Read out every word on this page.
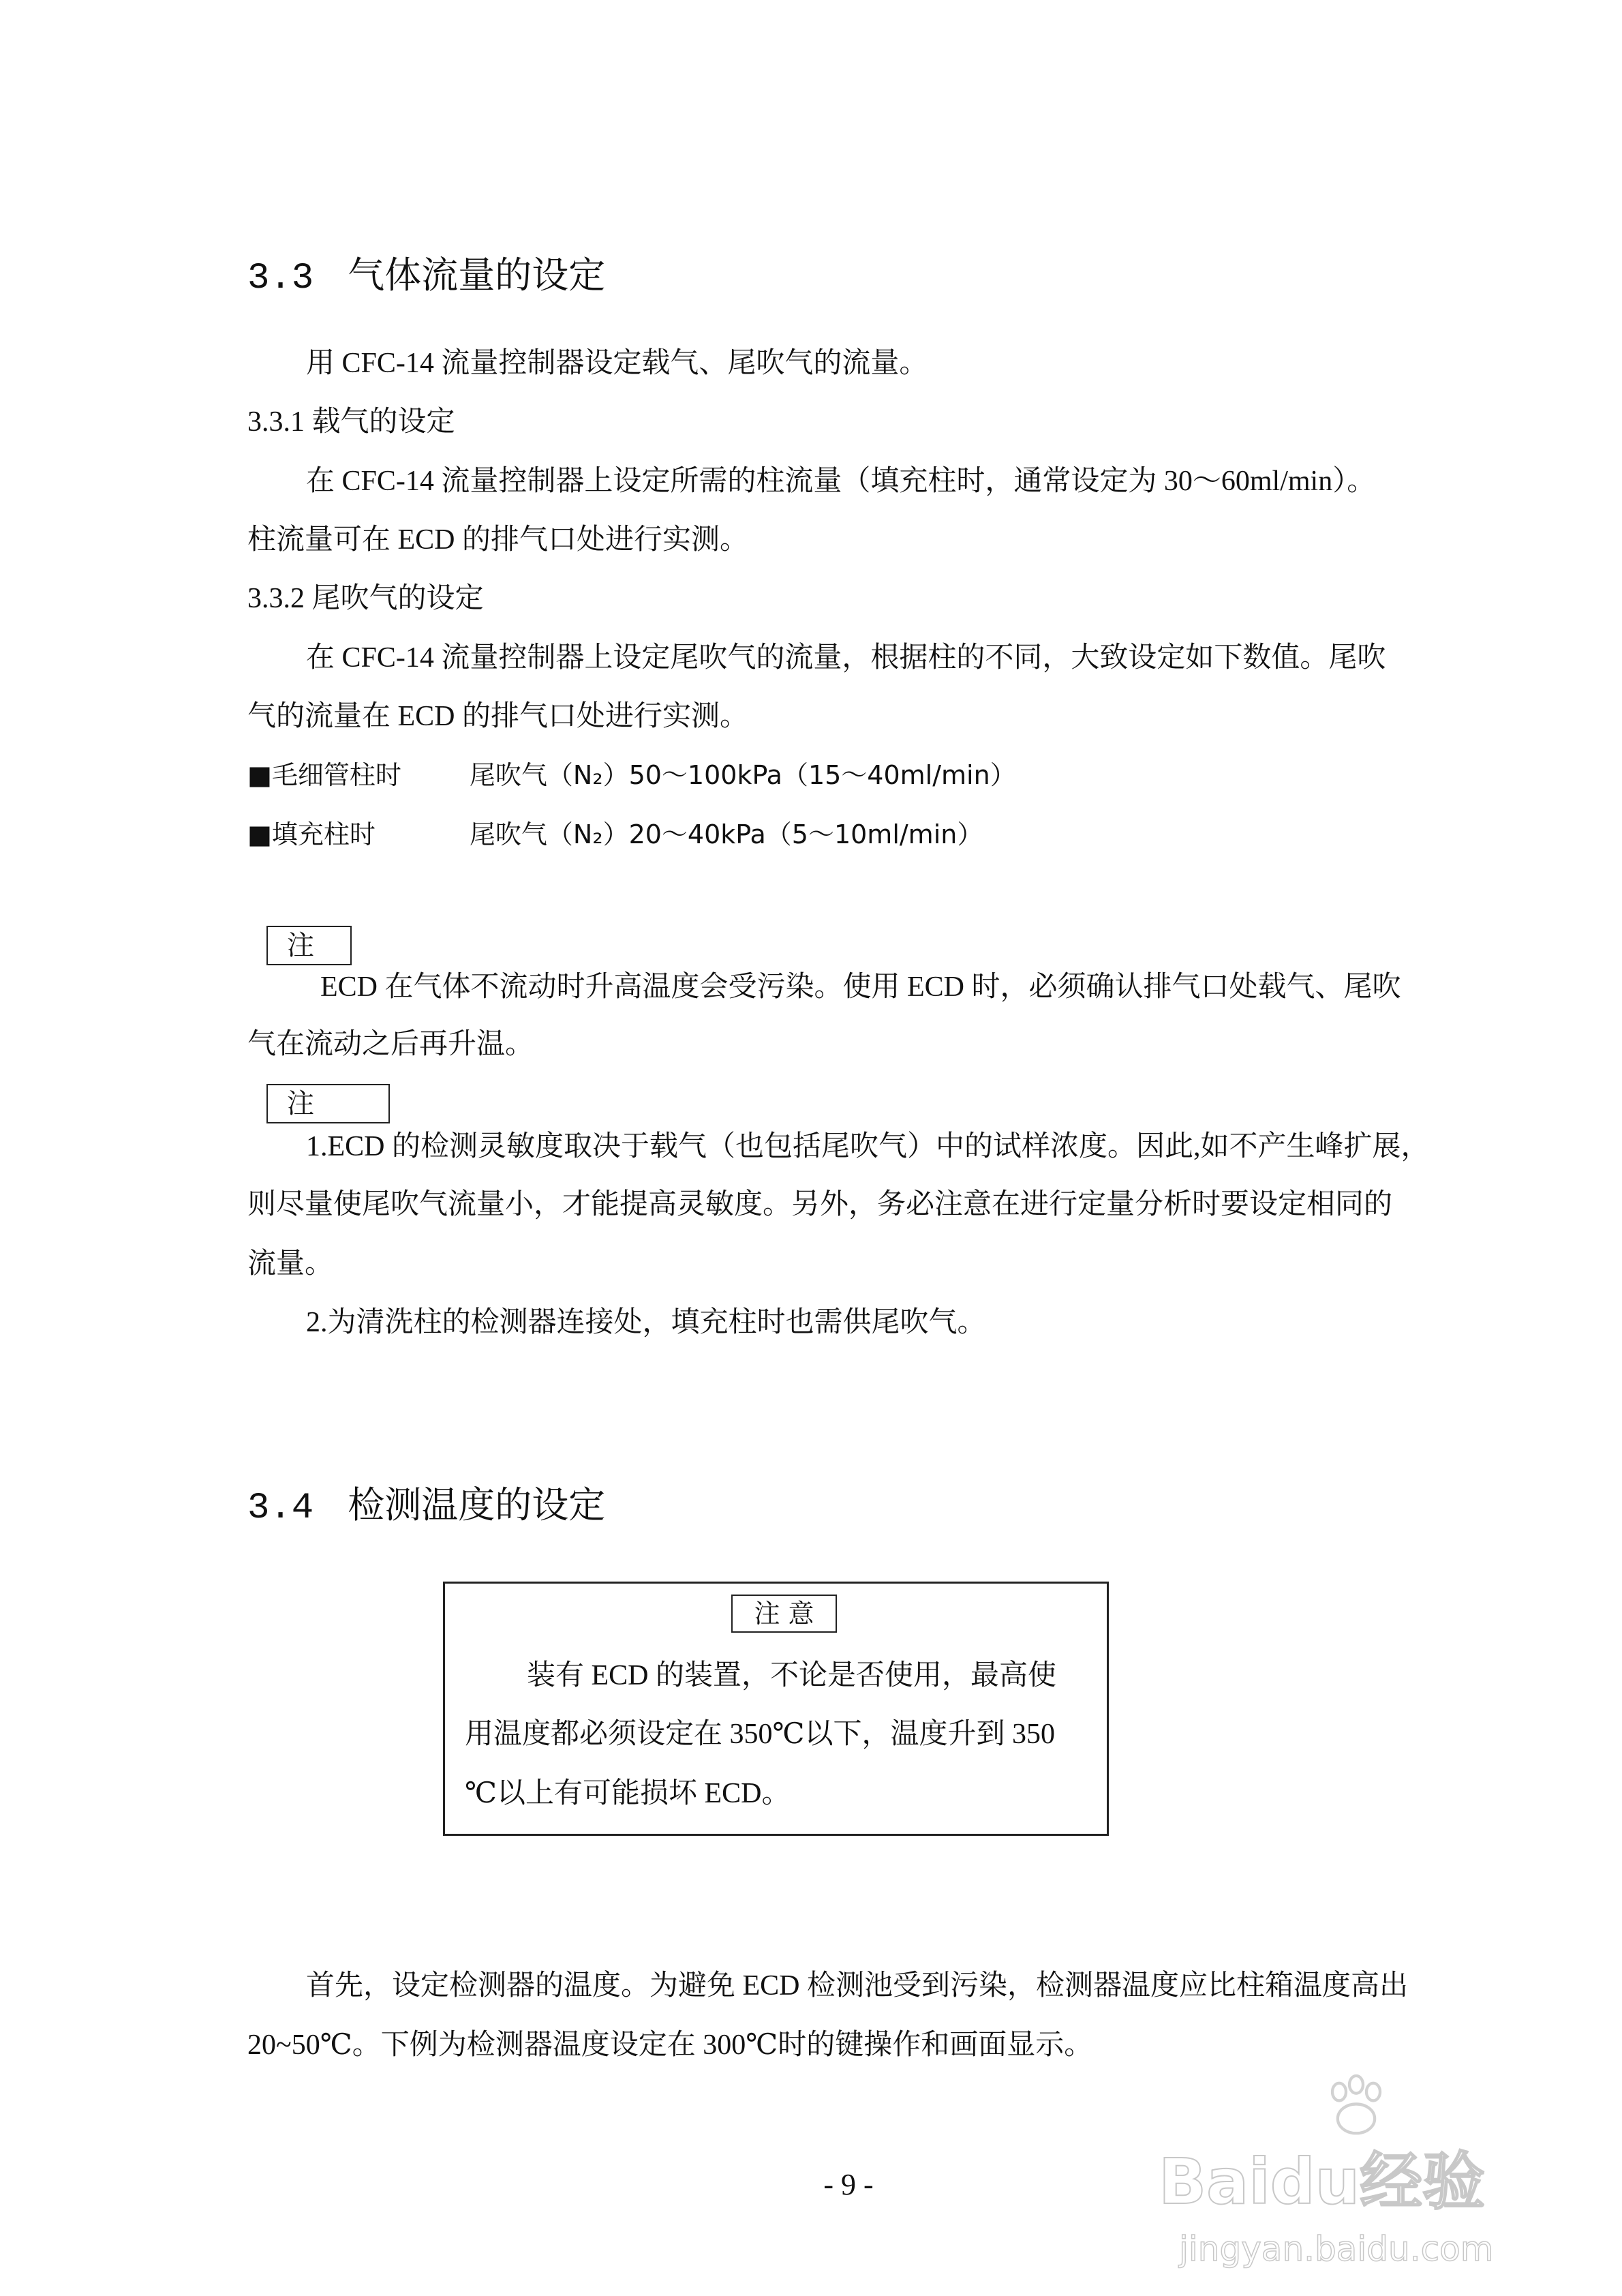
3.3 气体流量的设定
用 CFC-14 流量控制器设定载气、尾吹气的流量。
3.3.1 载气的设定
在 CFC-14 流量控制器上设定所需的柱流量（填充柱时，通常设定为 30～60ml/min）。
柱流量可在 ECD 的排气口处进行实测。
3.3.2 尾吹气的设定
在 CFC-14 流量控制器上设定尾吹气的流量，根据柱的不同，大致设定如下数值。尾吹
气的流量在 ECD 的排气口处进行实测。
■毛细管柱时	尾吹气（N₂）50～100kPa（15～40ml/min）
■填充柱时	尾吹气（N₂）20～40kPa（5～10ml/min）
注
ECD 在气体不流动时升高温度会受污染。使用 ECD 时，必须确认排气口处载气、尾吹
气在流动之后再升温。
注
1.ECD 的检测灵敏度取决于载气（也包括尾吹气）中的试样浓度。因此,如不产生峰扩展，
则尽量使尾吹气流量小，才能提高灵敏度。另外，务必注意在进行定量分析时要设定相同的
流量。
2.为清洗柱的检测器连接处，填充柱时也需供尾吹气。
3.4 检测温度的设定
注 意
装有 ECD 的装置，不论是否使用，最高使
用温度都必须设定在 350℃以下，温度升到 350
℃以上有可能损坏 ECD。
首先，设定检测器的温度。为避免 ECD 检测池受到污染，检测器温度应比柱箱温度高出
20~50℃。下例为检测器温度设定在 300℃时的键操作和画面显示。
- 9 -	Baidu经验
jingyan.baidu.com
